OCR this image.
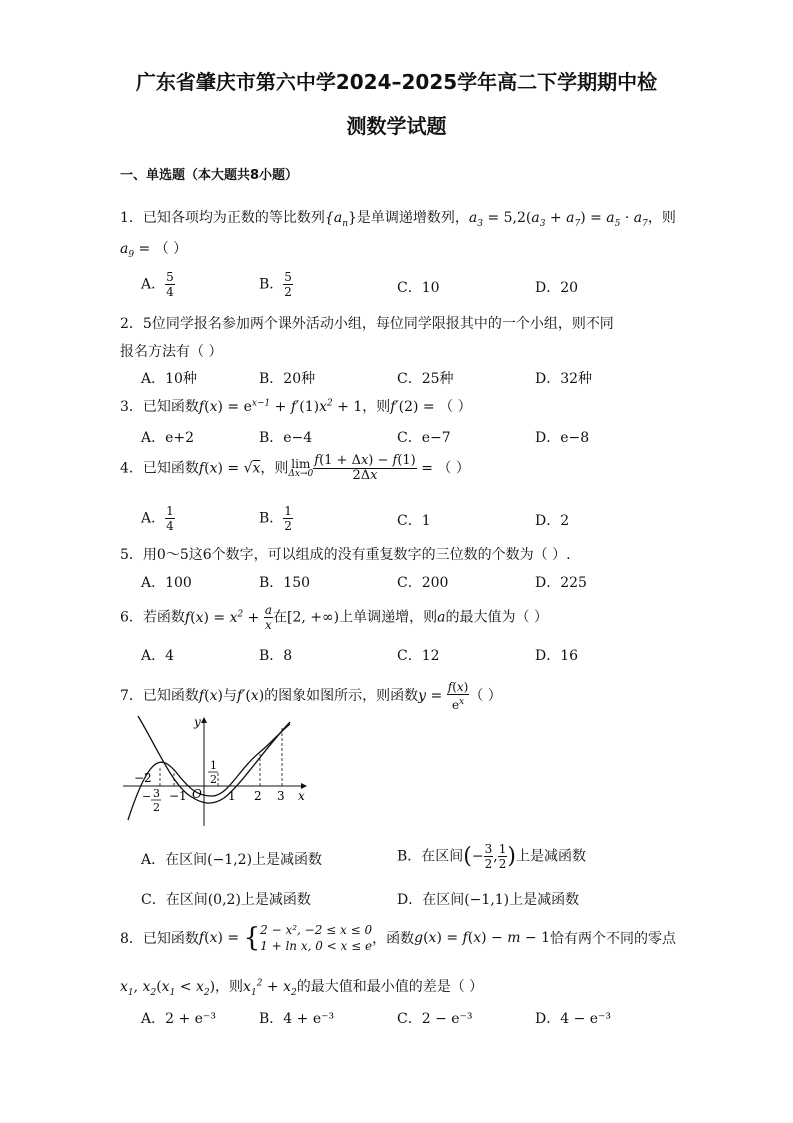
广东省肇庆市第六中学2024–2025学年高二下学期期中检
测数学试题
一、单选题（本大题共8小题）
1．已知各项均为正数的等比数列$\{a_n\}$是单调递增数列，$a_3 = 5,2(a_3 + a_7) = a_5 \cdot a_7$，则
$a_9$ = （ ）
A． $\frac{5}{4}$	B． $\frac{5}{2}$	C．10	D．20
2．5位同学报名参加两个课外活动小组，每位同学限报其中的一个小组，则不同
报名方法有（ ）
A．10种	B．20种	C．25种	D．32种
3．已知函数$f(x) = e^{x-1} + f'(1)x^2 + 1$，则f′(2) = （ ）
A．e+2	B．e−4	C．e−7	D．e−8
4．已知函数f(x) = √x，则 lim
$\Delta x\to 0 \frac{f(1 + \Delta x) - f(1)}{2\Delta x}$ = （ ）
A． $\frac{1}{4}$	B． $\frac{1}{2}$	C．1	D．2
5．用0～5这6个数字，可以组成的没有重复数字的三位数的个数为（ ）.
A．100	B．150	C．200	D．225
6．若函数$f(x) = x^2 + \frac{a}{x}$ 在[2, +∞)上单调递增，则a的最大值为（ ）
A．4	B．8	C．12	D．16
7．已知函数f(x)与f′(x)的图象如图所示，则函数$y = \frac{f(x)}{e^x}$ （ ）
y
x
O
−2
−1	1 2 3
1
2
− 3
2
A．在区间(−1,2)上是减函数	B．在区间(− $\frac{3}{2}$ , $\frac{1}{2}$ )上是减函数
C．在区间(0,2)上是减函数	D．在区间(−1,1)上是减函数
8．已知函数f(x) = { 2 − x², −2 ≤ x ≤ 0
1 + ln x, 0 < x ≤ e ，函数g(x) = f(x) − m − 1恰有两个不同的零点
$x_1$, $x_2(x_1 < x_2)$，则$x_1^2 + x_2$的最大值和最小值的差是（ ）
A．2 + e⁻³	B．4 + e⁻³	C．2 − e⁻³	D．4 − e⁻³
